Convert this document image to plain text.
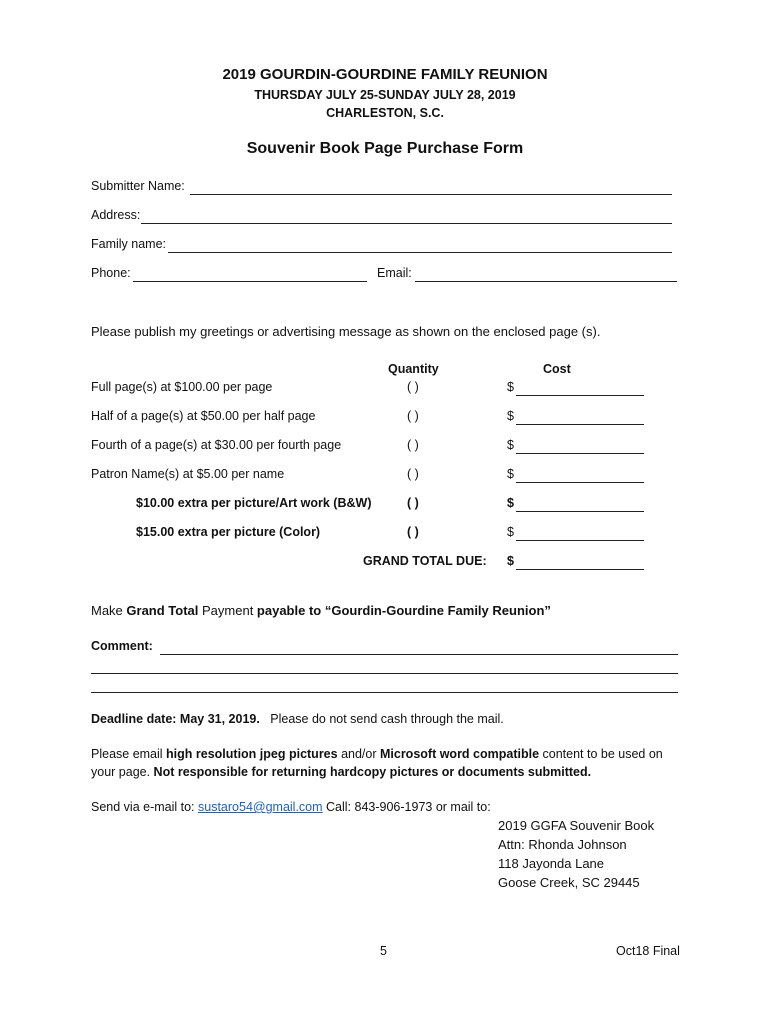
2019 GOURDIN-GOURDINE FAMILY REUNION
THURSDAY JULY 25-SUNDAY JULY 28, 2019
CHARLESTON, S.C.
Souvenir Book Page Purchase Form
Submitter Name:
Address:
Family name:
Phone:	Email:
Please publish my greetings or advertising message as shown on the enclosed page (s).
Quantity	Cost
Full page(s) at $100.00 per page	( )	$
Half of a page(s) at $50.00 per half page	( )	$
Fourth of a page(s) at $30.00 per fourth page	( )	$
Patron Name(s) at $5.00 per name	( )	$
$10.00 extra per picture/Art work (B&W)	( )	$
$15.00 extra per picture (Color)	( )	$
GRAND TOTAL DUE: $
Make Grand Total Payment payable to “Gourdin-Gourdine Family Reunion”
Comment:
Deadline date: May 31, 2019. Please do not send cash through the mail.
Please email high resolution jpeg pictures and/or Microsoft word compatible content to be used on
your page. Not responsible for returning hardcopy pictures or documents submitted.
Send via e-mail to: sustaro54@gmail.com Call: 843-906-1973 or mail to:
2019 GGFA Souvenir Book
Attn: Rhonda Johnson
118 Jayonda Lane
Goose Creek, SC 29445
5	Oct18 Final
